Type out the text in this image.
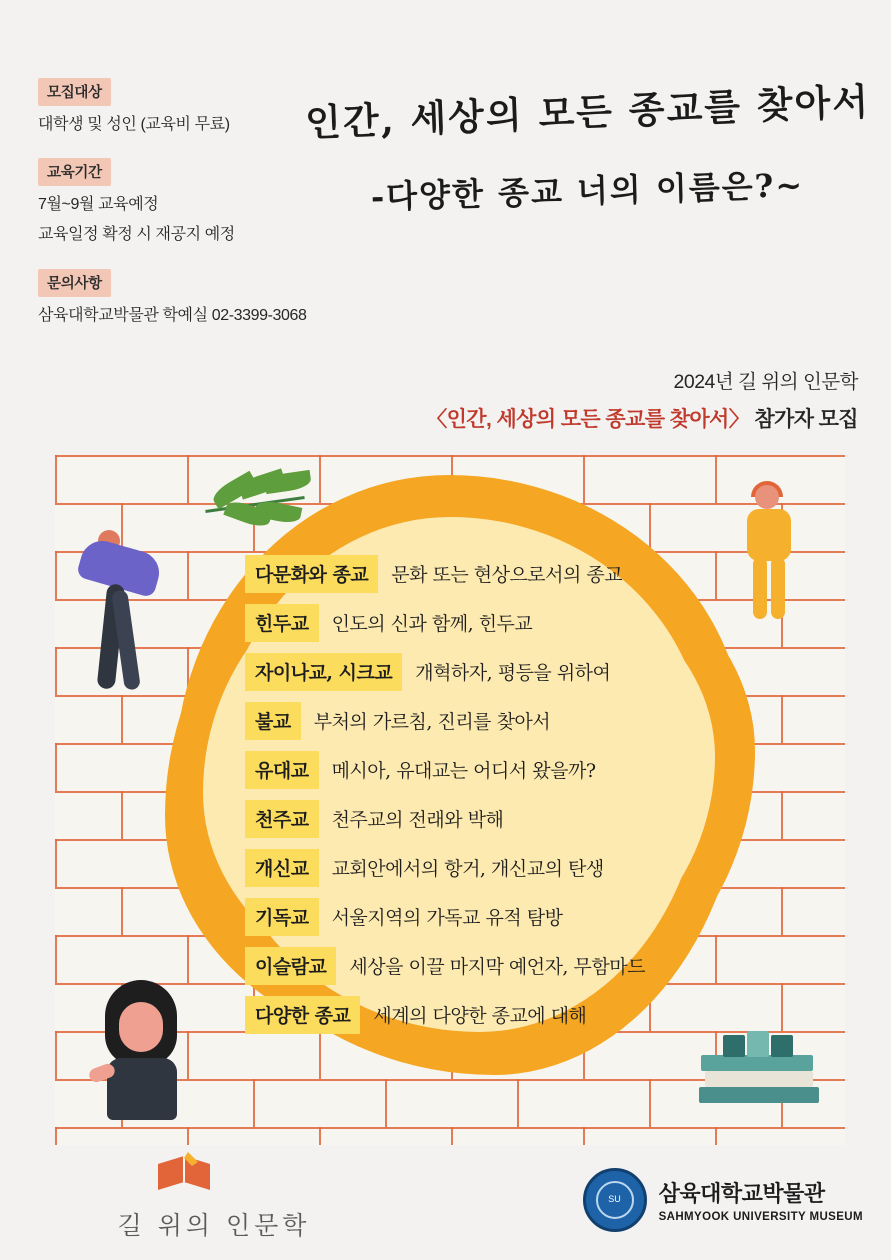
모집대상
대학생 및 성인 (교육비 무료)
교육기간
7월~9월 교육예정
교육일정 확정 시 재공지 예정
문의사항
삼육대학교박물관 학예실 02-3399-3068
인간, 세상의 모든 종교를 찾아서
-다양한 종교 너의 이름은?~
2024년 길 위의 인문학
〈인간, 세상의 모든 종교를 찾아서〉 참가자 모집
다문화와 종교	문화 또는 현상으로서의 종교
힌두교	인도의 신과 함께, 힌두교
자이나교, 시크교	개혁하자, 평등을 위하여
불교	부처의 가르침, 진리를 찾아서
유대교	메시아, 유대교는 어디서 왔을까?
천주교	천주교의 전래와 박해
개신교	교회안에서의 항거, 개신교의 탄생
기독교	서울지역의 가독교 유적 탐방
이슬람교	세상을 이끌 마지막 예언자, 무함마드
다양한 종교	세계의 다양한 종교에 대해
길 위의 인문학
SU	삼육대학교박물관
SAHMYOOK UNIVERSITY MUSEUM
